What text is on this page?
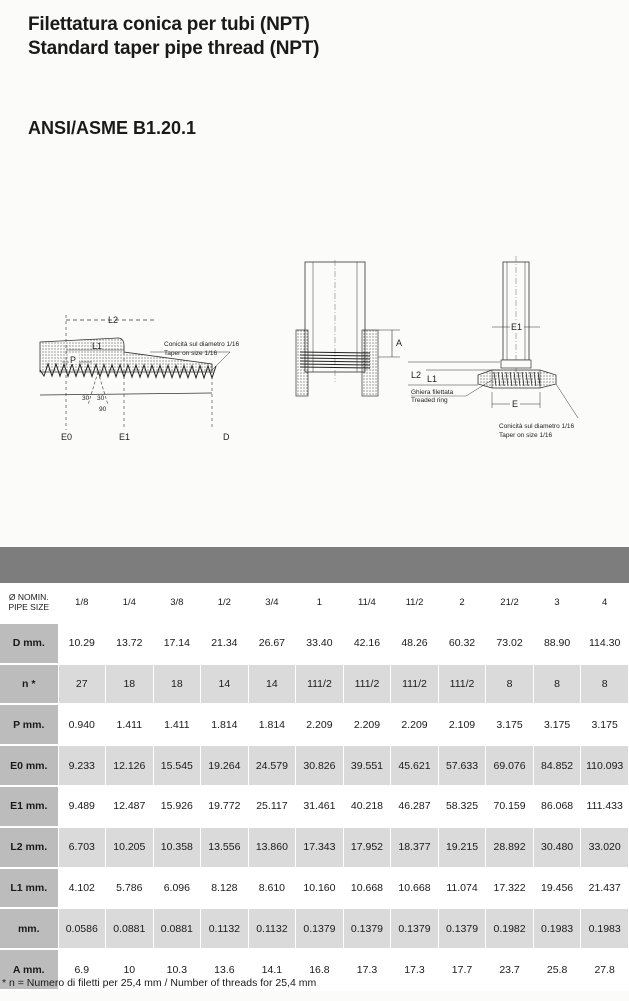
Filettatura conica per tubi (NPT)
Standard taper pipe thread (NPT)
ANSI/ASME B1.20.1
L2
L1
P
30 30
90
Conicità sul diametro 1/16
Taper on size 1/16
E0	E1	D
A
E1
L2 L1
Ghiera filettata
Treaded ring	E
Conicità sul diametro 1/16
Taper on size 1/16
Ø NOMIN.
PIPE SIZE	1/8	1/4	3/8	1/2	3/4	1	11/4	11/2	2	21/2	3	4
D mm.	10.29	13.72	17.14	21.34	26.67	33.40	42.16	48.26	60.32	73.02	88.90	114.30
n *	27	18	18	14	14	111/2	111/2	111/2	111/2	8	8	8
P mm.	0.940	1.411	1.411	1.814	1.814	2.209	2.209	2.209	2.109	3.175	3.175	3.175
E0 mm.	9.233	12.126	15.545	19.264	24.579	30.826	39.551	45.621	57.633	69.076	84.852	110.093
E1 mm.	9.489	12.487	15.926	19.772	25.117	31.461	40.218	46.287	58.325	70.159	86.068	111.433
L2 mm.	6.703	10.205	10.358	13.556	13.860	17.343	17.952	18.377	19.215	28.892	30.480	33.020
L1 mm.	4.102	5.786	6.096	8.128	8.610	10.160	10.668	10.668	11.074	17.322	19.456	21.437
mm.	0.0586	0.0881	0.0881	0.1132	0.1132	0.1379	0.1379	0.1379	0.1379	0.1982	0.1983	0.1983
A mm.	6.9	10	10.3	13.6	14.1	16.8	17.3	17.3	17.7	23.7	25.8	27.8
* n = Numero di filetti per 25,4 mm / Number of threads for 25,4 mm
